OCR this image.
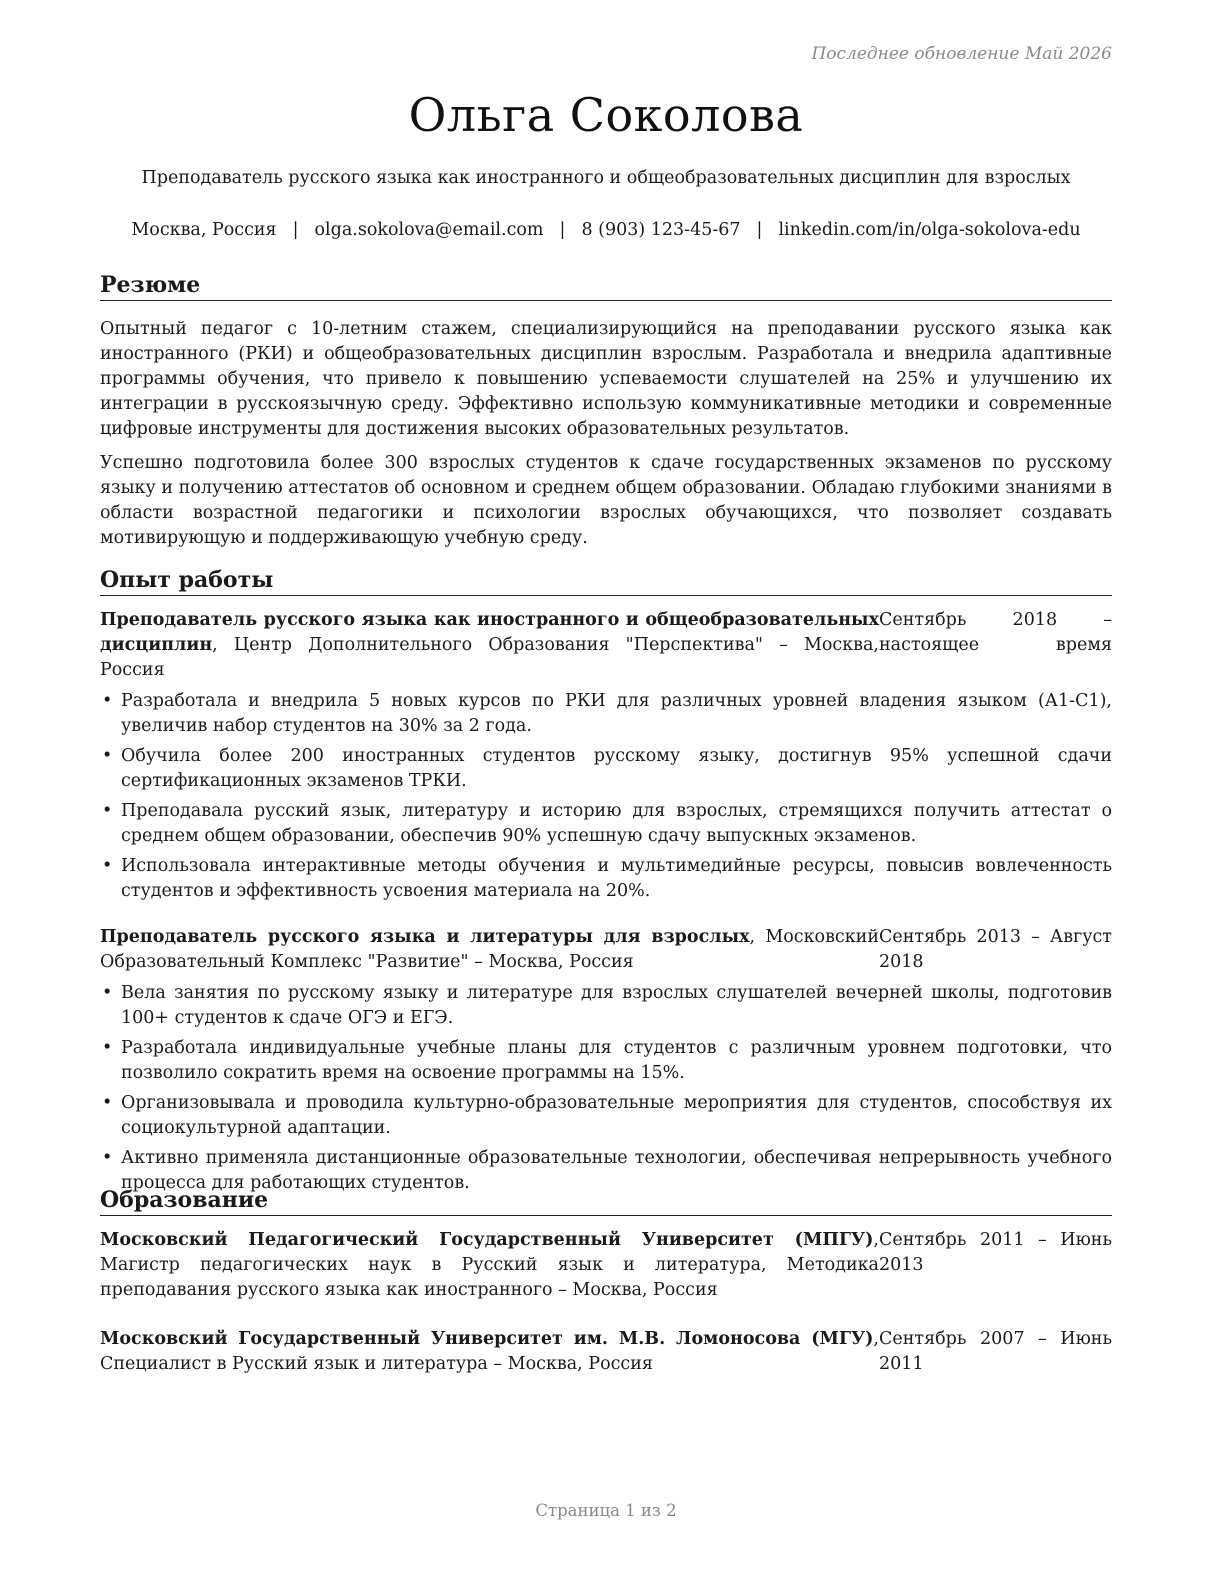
Последнее обновление Май 2026
Ольга Соколова
Преподаватель русского языка как иностранного и общеобразовательных дисциплин для взрослых
Москва, Россия | olga.sokolova@email.com | 8 (903) 123-45-67 | linkedin.com/in/olga-sokolova-edu
Резюме

Опытный педагог с 10-летним стажем, специализирующийся на преподавании русского языка как иностранного (РКИ) и общеобразовательных дисциплин взрослым. Разработала и внедрила адаптивные программы обучения, что привело к повышению успеваемости слушателей на 25% и улучшению их интеграции в русскоязычную среду. Эффективно использую коммуникативные методики и современные цифровые инструменты для достижения высоких образовательных результатов.

Успешно подготовила более 300 взрослых студентов к сдаче государственных экзаменов по русскому языку и получению аттестатов об основном и среднем общем образовании. Обладаю глубокими знаниями в области возрастной педагогики и психологии взрослых обучающихся, что позволяет создавать мотивирующую и поддерживающую учебную среду.

Опыт работы
Преподаватель русского языка как иностранного и общеобразовательных дисциплин, Центр Дополнительного Образования "Перспектива" – Москва, Россия
Сентябрь 2018 – настоящее время
• Разработала и внедрила 5 новых курсов по РКИ для различных уровней владения языком (А1-С1), увеличив набор студентов на 30% за 2 года.
• Обучила более 200 иностранных студентов русскому языку, достигнув 95% успешной сдачи сертификационных экзаменов ТРКИ.
• Преподавала русский язык, литературу и историю для взрослых, стремящихся получить аттестат о среднем общем образовании, обеспечив 90% успешную сдачу выпускных экзаменов.
• Использовала интерактивные методы обучения и мультимедийные ресурсы, повысив вовлеченность студентов и эффективность усвоения материала на 20%.
Преподаватель русского языка и литературы для взрослых, Московский Образовательный Комплекс "Развитие" – Москва, Россия
Сентябрь 2013 – Август 2018
• Вела занятия по русскому языку и литературе для взрослых слушателей вечерней школы, подготовив 100+ студентов к сдаче ОГЭ и ЕГЭ.
• Разработала индивидуальные учебные планы для студентов с различным уровнем подготовки, что позволило сократить время на освоение программы на 15%.
• Организовывала и проводила культурно-образовательные мероприятия для студентов, способствуя их социокультурной адаптации.
• Активно применяла дистанционные образовательные технологии, обеспечивая непрерывность учебного процесса для работающих студентов.
Образование
Московский Педагогический Государственный Университет (МПГУ), Магистр педагогических наук в Русский язык и литература, Методика преподавания русского языка как иностранного – Москва, Россия
Сентябрь 2011 – Июнь 2013
Московский Государственный Университет им. М.В. Ломоносова (МГУ), Специалист в Русский язык и литература – Москва, Россия
Сентябрь 2007 – Июнь 2011
Страница 1 из 2
